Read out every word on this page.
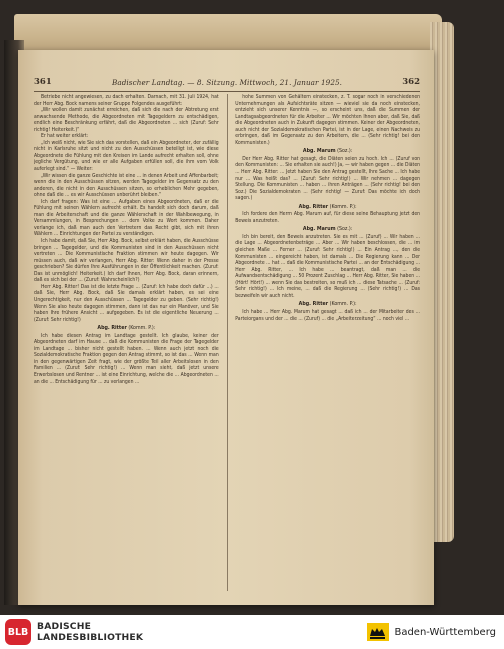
361	Badischer Landtag. — 8. Sitzung. Mittwoch, 21. Januar 1925.	362

Betriebe nicht angewiesen, zu dach erhalten. Darnach, mit 31. Juli 1924, hat der Herr Abg. Bock namens seiner Gruppe Folgendes ausgeführt:

„Wir wollen damit zunächst erreichen, daß sich die nach der Abtretung erst anwachsende Methode, die Abgeordneten mit Tagegeldern zu entschädigen, endlich eine Beschränkung erfährt, daß die Abgeordneten ... sich (Zuruf: Sehr richtig! Heiterkeit.)“

Er hat weiter erklärt:

„Ich weiß nicht, wie Sie sich das vorstellen, daß ein Abgeordneter, der zufällig nicht in Karlsruhe sitzt und nicht zu den Ausschüssen beteiligt ist, wie diese Abgeordnete die Fühlung mit den Kreisen im Lande aufrecht erhalten soll, ohne jegliche Vergütung, und wie er alle Aufgaben erfüllen soll, die ihm vom Volk auferlegt sind.“ — Weiter:

„Wir wissen die ganze Geschichte ist eine ... in denen Arbeit und Affenbarbeit; wenn die in den Ausschüssen sitzen, werden Tagegelder im Gegensatz zu den anderen, die nicht in den Ausschüssen sitzen, so erheblichen Mehr gegeben, ohne daß die ... es wir Ausschüssen unberührt bleiben.“

Ich darf fragen: Was ist eine ... Aufgaben eines Abgeordneten, daß er die Fühlung mit seinen Wählern aufrecht erhält. Es handelt sich doch darum, daß man die Arbeiterschaft und die ganze Wählerschaft in der Wahlbewegung, in Versammlungen, in Besprechungen ... dem Volke zu Wort kommen. Daher verlange ich, daß man auch den Vertretern das Recht gibt, sich mit ihren Wählern ... Einrichtungen der Partei zu verständigen.

Ich habe damit, daß Sie, Herr Abg. Bock, selbst erklärt haben, die Ausschüsse bringen ... Tagegelder, und die Kommunisten sind in den Ausschüssen nicht vertreten ... Die Kommunistische Fraktion stimmen wir heute dagegen. Wir müssen auch, daß wir verlangen, Herr Abg. Ritter: Wenn daher in der Presse geschrieben? Sie dürfen Ihre Ausführungen in der Öffentlichkeit machen. (Zuruf: Das ist unmöglich! Heiterkeit.) Ich darf Ihnen, Herr Abg. Bock, daran erinnern, daß es sich bei der ... (Zuruf: Wahrscheinlich?)

Herr Abg. Ritter! Das ist die letzte Frage ... (Zuruf: Ich habe doch dafür ...) ... daß Sie, Herr Abg. Bock, daß Sie damals erklärt haben, es sei eine Ungerechtigkeit, nur den Ausschüssen ... Tagegelder zu geben. (Sehr richtig!) Wenn Sie also heute dagegen stimmen, dann ist das nur ein Manöver, und Sie haben Ihre frühere Ansicht ... aufgegeben. Es ist die eigentliche Neuerung ... (Zuruf: Sehr richtig!)

Abg. Ritter (Komm. P.):

Ich habe diesen Antrag im Landtage gestellt. Ich glaube, keiner der Abgeordneten darf im Hause ... daß die Kommunisten die Frage der Tagegelder im Landtage ... bisher nicht gestellt haben. ... Wenn auch jetzt noch die Sozialdemokratische Fraktion gegen den Antrag stimmt, so ist das ... Wenn man in den gegenwärtigen Zeit fragt, wie der größte Teil aller Arbeitslosen in den Familien ... (Zuruf: Sehr richtig!) ... Wenn man sieht, daß jetzt unsere Erwerbslosen und Rentner ... ist eine Einrichtung, welche die ... Abgeordneten ... an die ... Entschädigung für ... zu verlangen ...

hohe Summen von Gehältern einstecken, z. T. sogar noch in verschiedenen Unternehmungen als Aufsichtsräte sitzen — wieviel sie da noch einstecken, entzieht sich unserer Kenntnis —, so erscheint uns, daß die Summen der Landtagsabgeordneten für die Arbeiter ... Wir möchten Ihnen aber, daß Sie, daß die Abgeordneten auch in Zukunft dagegen stimmen. Keiner der Abgeordneten, auch nicht der Sozialdemokratischen Partei, ist in der Lage, einen Nachweis zu erbringen, daß im Gegensatz zu den Arbeitern, die ... (Sehr richtig! bei den Kommunisten.)

Abg. Marum (Soz.):

Der Herr Abg. Ritter hat gesagt, die Diäten seien zu hoch. Ich ... (Zuruf von den Kommunisten: ... Sie erhalten sie auch!) Ja, — wir haben gegen ... die Diäten ... Herr Abg. Ritter: ... Jetzt haben Sie den Antrag gestellt, Ihre Sache ... Ich habe nur ... Was heißt das? ... (Zuruf: Sehr richtig!) ... Wir nehmen ... dagegen Stellung. Die Kommunisten ... haben ... ihren Anträgen ... (Sehr richtig! bei den Soz.) Die Sozialdemokraten ... (Sehr richtig! — Zuruf: Das möchte ich doch sagen.)

Abg. Ritter (Komm. P.):

Ich fordere den Herrn Abg. Marum auf, für diese seine Behauptung jetzt den Beweis anzutreten.

Abg. Marum (Soz.):

Ich bin bereit, den Beweis anzutreten. Sie es mit ... (Zuruf) ... Wir haben ... die Lage ... Abgeordnetenbeträge ... Aber ... Wir haben beschlossen, die ... im gleichen Maße ... Ferner ... (Zuruf: Sehr richtig!) ... Ein Antrag ..., den die Kommunisten ... eingereicht haben, ist damals ... Die Regierung kann ... Der Abgeordnete ... hat ... daß die Kommunistische Partei ... an der Entschädigung ... Herr Abg. Ritter, ... Ich habe ... beantragt, daß man ... die Aufwandsentschädigung ... 50 Prozent Zuschlag ... Herr Abg. Ritter, Sie haben ... (Hört! Hört!) ... wenn Sie das bestreiten, so muß ich ... diese Tatsache ... (Zuruf: Sehr richtig!) ... Ich meine, ... daß die Regierung ... (Sehr richtig!) ... Das bezweifeln wir auch nicht.

Abg. Ritter (Komm. P.):

Ich habe ... Herr Abg. Marum hat gesagt ... daß ich ... der Mitarbeiter des ... Parteiorgans und der ... die ... (Zuruf) ... die „Arbeiterzeitung“ ... noch viel ...

BLB BADISCHE
LANDESBIBLIOTHEK	Baden-Württemberg
